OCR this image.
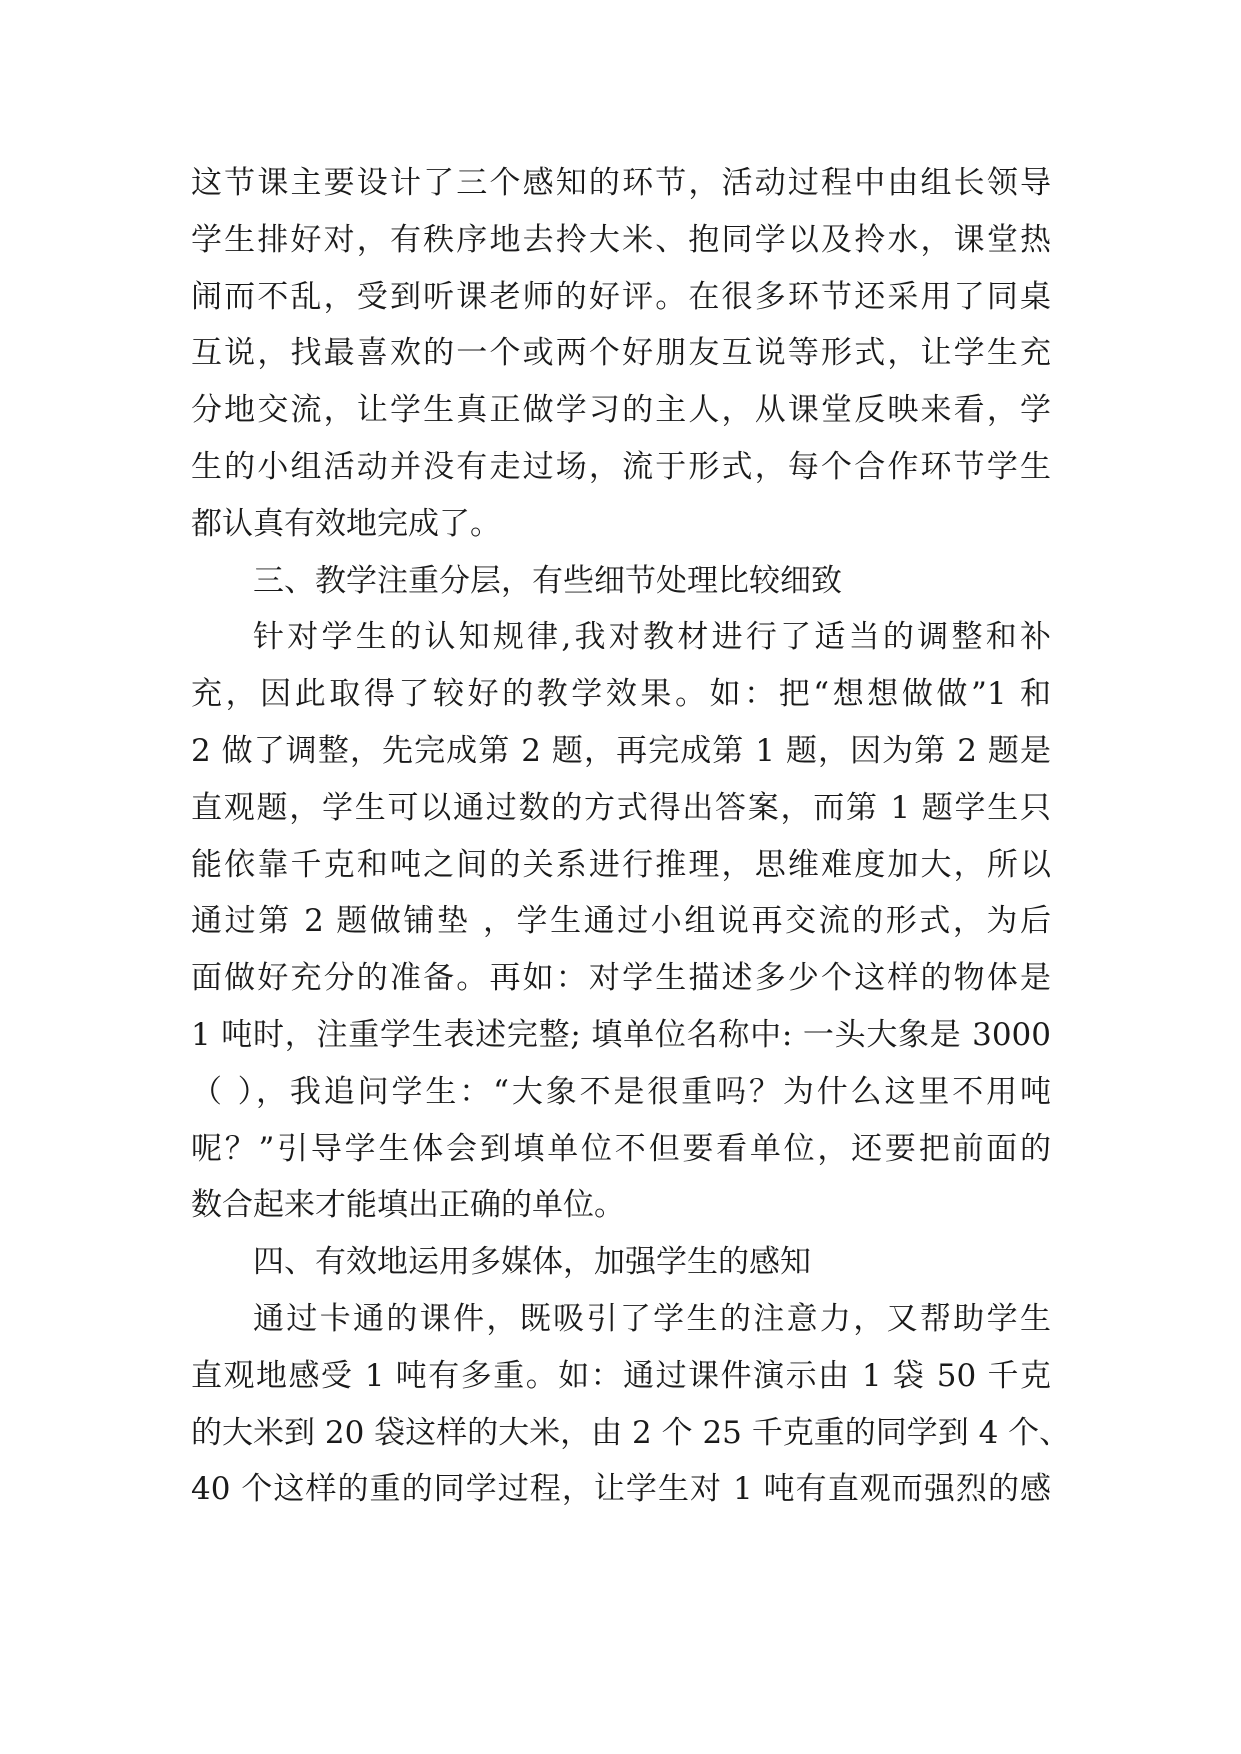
这节课主要设计了三个感知的环节，活动过程中由组长领导
学生排好对，有秩序地去拎大米、抱同学以及拎水，课堂热
闹而不乱，受到听课老师的好评。在很多环节还采用了同桌
互说，找最喜欢的一个或两个好朋友互说等形式，让学生充
分地交流，让学生真正做学习的主人，从课堂反映来看，学
生的小组活动并没有走过场，流于形式，每个合作环节学生
都认真有效地完成了。
三、教学注重分层，有些细节处理比较细致
针对学生的认知规律,我对教材进行了适当的调整和补
充，因此取得了较好的教学效果。如：把“想想做做”1 和
2 做了调整，先完成第 2 题，再完成第 1 题，因为第 2 题是
直观题，学生可以通过数的方式得出答案，而第 1 题学生只
能依靠千克和吨之间的关系进行推理，思维难度加大，所以
通过第 2 题做铺垫 ，学生通过小组说再交流的形式，为后
面做好充分的准备。再如：对学生描述多少个这样的物体是
1 吨时，注重学生表述完整; 填单位名称中: 一头大象是 3000
（ ），我追问学生：“大象不是很重吗？为什么这里不用吨
呢？”引导学生体会到填单位不但要看单位，还要把前面的
数合起来才能填出正确的单位。
四、有效地运用多媒体，加强学生的感知
通过卡通的课件，既吸引了学生的注意力，又帮助学生
直观地感受 1 吨有多重。如：通过课件演示由 1 袋 50 千克
的大米到 20 袋这样的大米，由 2 个 25 千克重的同学到 4 个、
40 个这样的重的同学过程，让学生对 1 吨有直观而强烈的感
